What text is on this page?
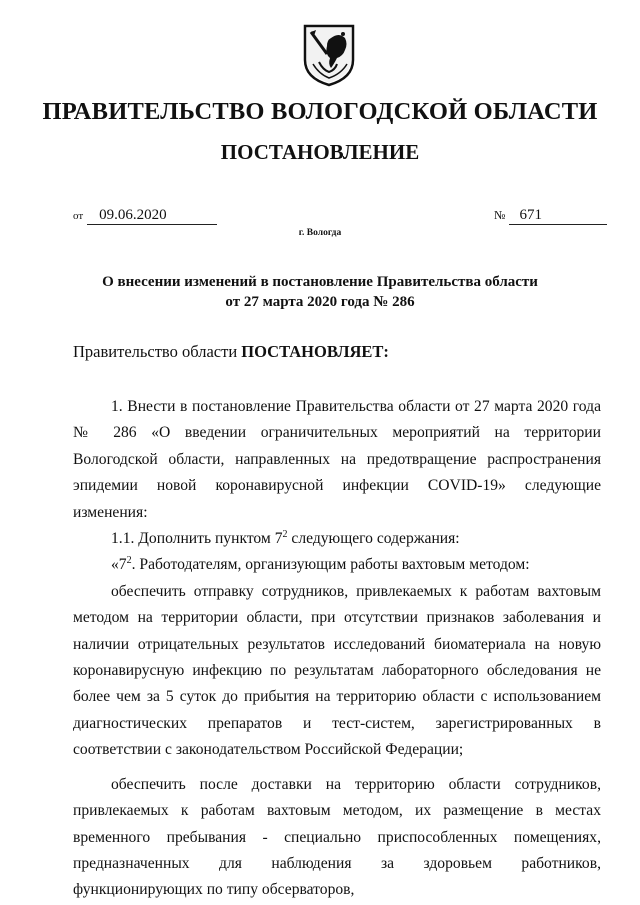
ПРАВИТЕЛЬСТВО ВОЛОГОДСКОЙ ОБЛАСТИ
ПОСТАНОВЛЕНИЕ
от 09.06.2020	№ 671
г. Вологда
О внесении изменений в постановление Правительства области
от 27 марта 2020 года № 286
Правительство области ПОСТАНОВЛЯЕТ:

1. Внести в постановление Правительства области от 27 марта 2020 года № 286 «О введении ограничительных мероприятий на территории Вологодской области, направленных на предотвращение распространения эпидемии новой коронавирусной инфекции COVID-19» следующие изменения:

1.1. Дополнить пунктом $7^2$ следующего содержания:

«$7^2$. Работодателям, организующим работы вахтовым методом:

обеспечить отправку сотрудников, привлекаемых к работам вахтовым методом на территории области, при отсутствии признаков заболевания и наличии отрицательных результатов исследований биоматериала на новую коронавирусную инфекцию по результатам лабораторного обследования не более чем за 5 суток до прибытия на территорию области с использованием диагностических препаратов и тест-систем, зарегистрированных в соответствии с законодательством Российской Федерации;

обеспечить после доставки на территорию области сотрудников, привлекаемых к работам вахтовым методом, их размещение в местах временного пребывания - специально приспособленных помещениях, предназначенных для наблюдения за здоровьем работников, функционирующих по типу обсерваторов,
